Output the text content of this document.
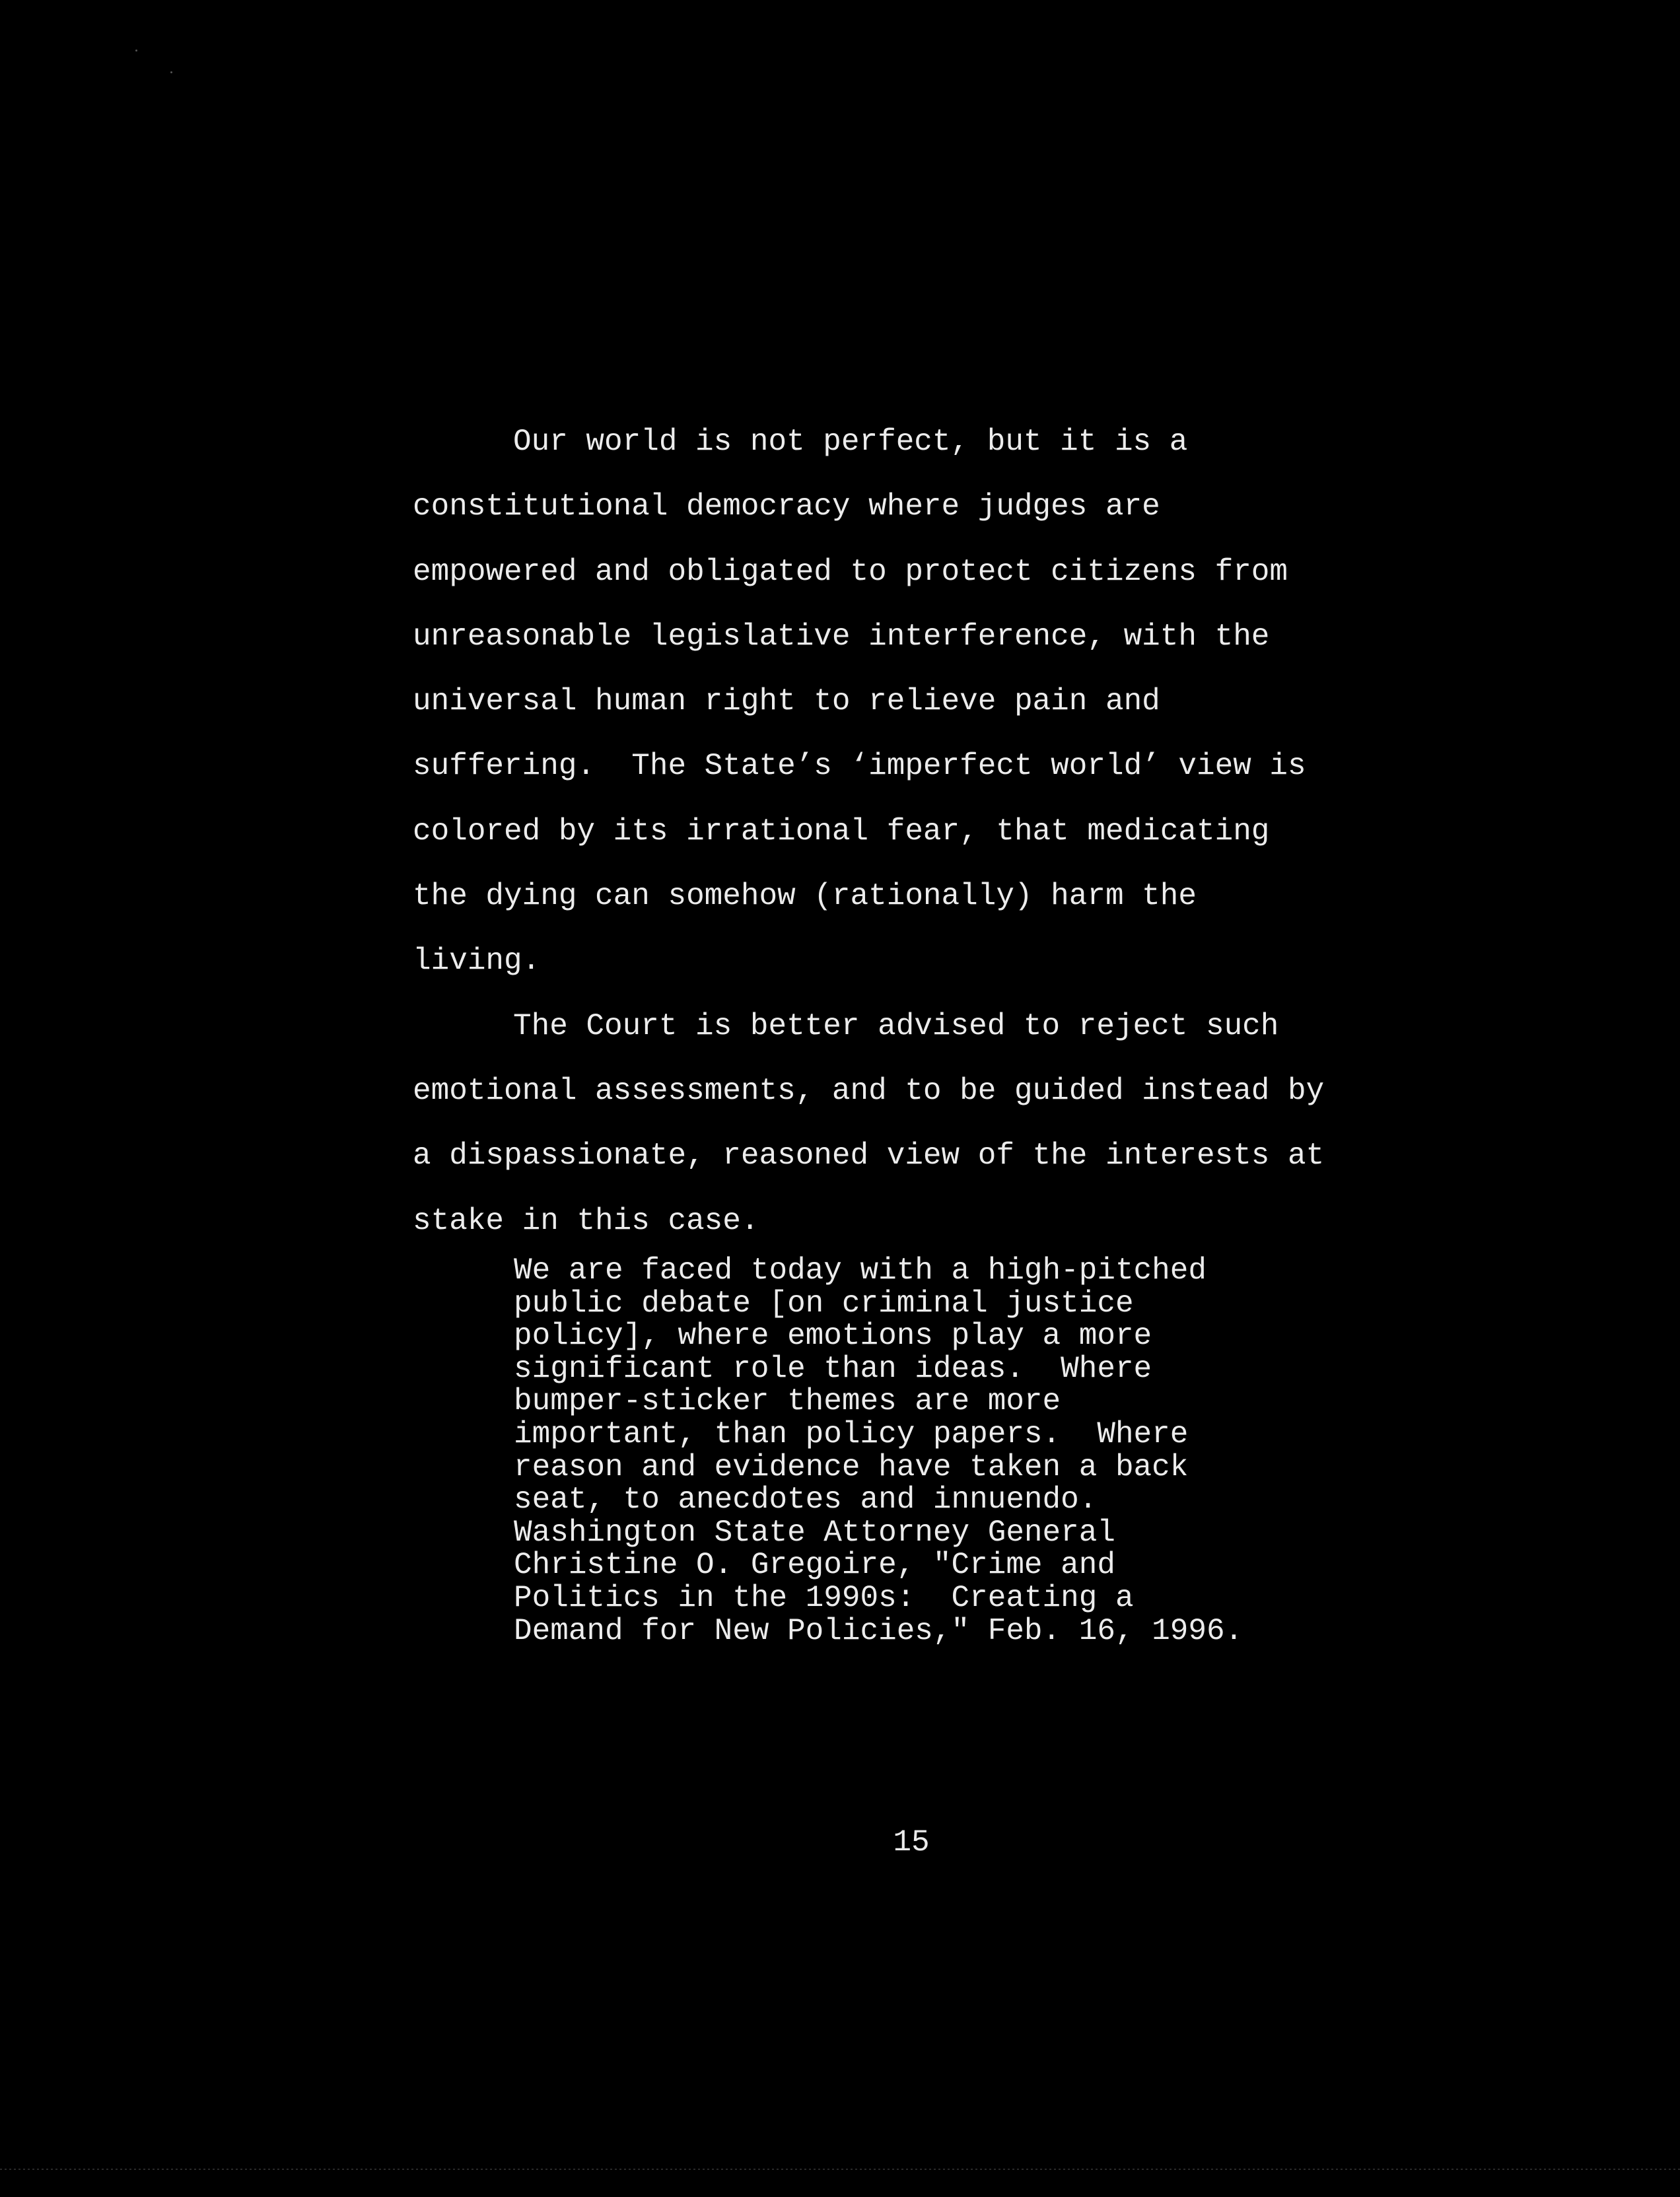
Our world is not perfect, but it is a
constitutional democracy where judges are
empowered and obligated to protect citizens from
unreasonable legislative interference, with the
universal human right to relieve pain and
suffering.  The State’s ‘imperfect world’ view is
colored by its irrational fear, that medicating
the dying can somehow (rationally) harm the
living.
The Court is better advised to reject such
emotional assessments, and to be guided instead by
a dispassionate, reasoned view of the interests at
stake in this case.
We are faced today with a high-pitched
public debate [on criminal justice
policy], where emotions play a more
significant role than ideas.  Where
bumper-sticker themes are more
important, than policy papers.  Where
reason and evidence have taken a back
seat, to anecdotes and innuendo.
Washington State Attorney General
Christine O. Gregoire, "Crime and
Politics in the 1990s:  Creating a
Demand for New Policies," Feb. 16, 1996.
15
